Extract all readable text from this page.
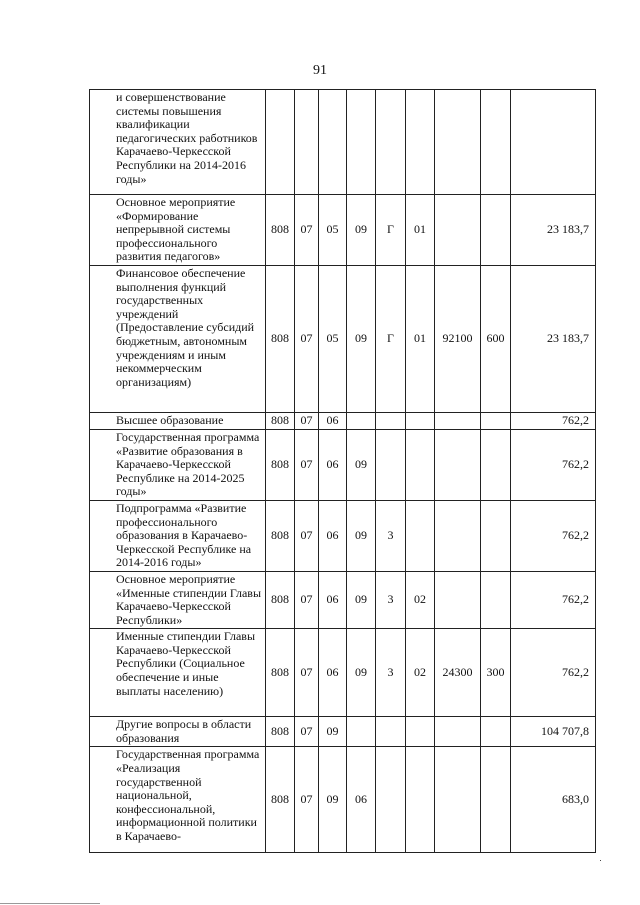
91
и совершенствование системы повышения квалификации педагогических работников Карачаево-Черкесской Республики на 2014-2016 годы»									
Основное мероприятие «Формирование непрерывной системы профессионального развития педагогов»	808	07	05	09	Г	01			23 183,7
Финансовое обеспечение выполнения функций государственных учреждений (Предоставление субсидий бюджетным, автономным учреждениям и иным некоммерческим организациям)	808	07	05	09	Г	01	92100	600	23 183,7
Высшее образование	808	07	06						762,2
Государственная программа «Развитие образования в Карачаево-Черкесской Республике на 2014-2025 годы»	808	07	06	09					762,2
Подпрограмма «Развитие профессионального образования в Карачаево-Черкесской Республике на 2014-2016 годы»	808	07	06	09	3				762,2
Основное мероприятие «Именные стипендии Главы Карачаево-Черкесской Республики»	808	07	06	09	3	02			762,2
Именные стипендии Главы Карачаево-Черкесской Республики (Социальное обеспечение и иные выплаты населению)	808	07	06	09	3	02	24300	300	762,2
Другие вопросы в области образования	808	07	09						104 707,8
Государственная программа «Реализация государственной национальной, конфессиональной, информационной политики в Карачаево-	808	07	09	06					683,0
